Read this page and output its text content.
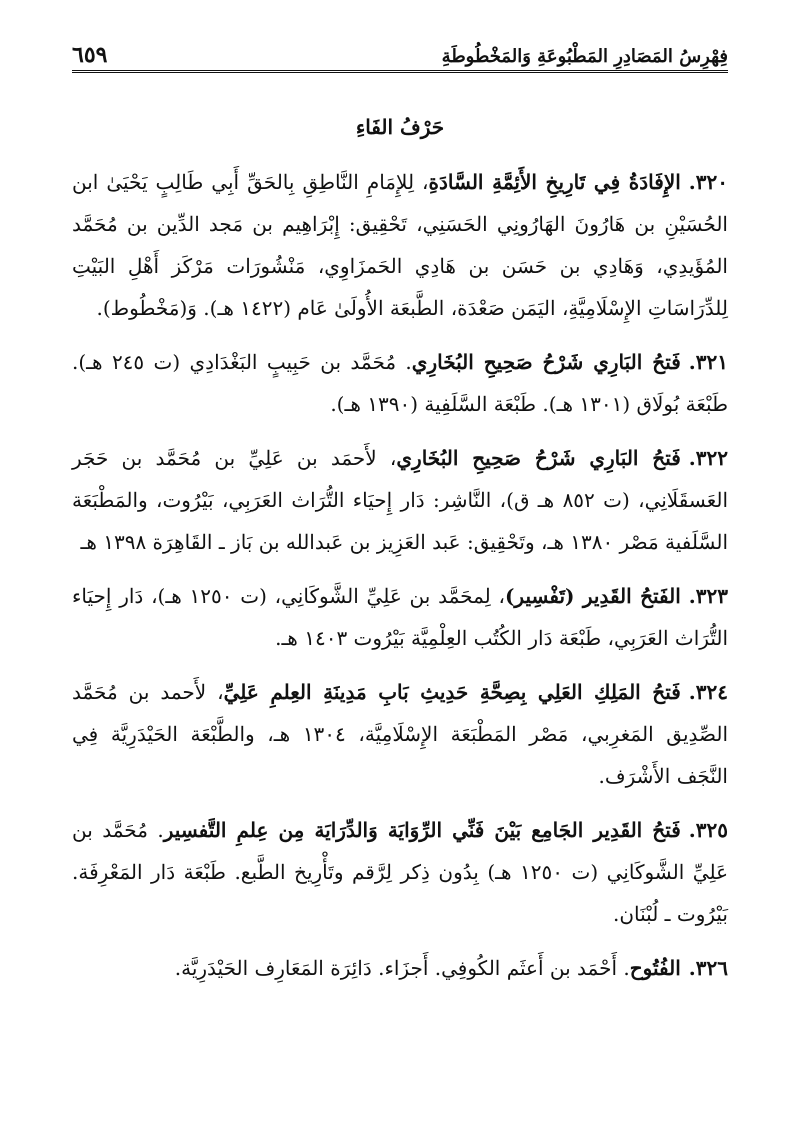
فِهْرِسُ المَصَادِرِ المَطْبُوعَةِ وَالمَخْطُوطَةِ
٦٥٩
حَرْفُ الفَاءِ

٣٢٠.الإِفَادَةُ فِي تَارِيخِ الأَئِمَّةِ السَّادَةِ، لِلإِمَامِ النَّاطِقِ بِالحَقِّ أَبِي طَالِبٍ يَحْيَىٰ ابن الحُسَيْنِ بن هَارُونَ الهَارُونِي الحَسَنِي، تَحْقِيق: إِبْرَاهِيم بن مَجد الدِّين بن مُحَمَّد المُؤَيدِي، وَهَادِي بن حَسَن بن هَادِي الحَمزَاوِي، مَنْشُورَات مَرْكَز أَهْلِ البَيْتِ لِلدِّرَاسَاتِ الإِسْلَامِيَّةِ، اليَمَن صَعْدَة، الطَّبعَة الأُولَىٰ عَام (١٤٢٢ هـ). وَ(مَخْطُوط).

٣٢١.فَتحُ البَارِي شَرْحُ صَحِيحِ البُخَارِي. مُحَمَّد بن حَبِيبٍ البَغْدَادِي (ت ٢٤٥ هـ). طَبْعَة بُولَاق (١٣٠١ هـ). طَبْعَة السَّلَفِية (١٣٩٠ هـ).

٣٢٢.فَتحُ البَارِي شَرْحُ صَحِيحِ البُخَارِي، لأَحمَد بن عَلِيِّ بن مُحَمَّد بن حَجَر العَسقَلَانِي، (ت ٨٥٢ هـ ق)، النَّاشِر: دَار إِحيَاء التُّرَاث العَرَبِي، بَيْرُوت، والمَطْبَعَة السَّلَفية مَصْر ١٣٨٠ هـ، وتَحْقِيق: عَبد العَزِيز بن عَبدالله بن بَاز ـ القَاهِرَة ١٣٩٨ هـ

٣٢٣.الفَتحُ القَدِير (تَفْسِير)، لِمحَمَّد بن عَلِيِّ الشَّوكَانِي، (ت ١٢٥٠ هـ)، دَار إِحيَاء التُّرَاث العَرَبِي، طَبْعَة دَار الكُتُب العِلْمِيَّة بَيْرُوت ١٤٠٣ هـ.

٣٢٤.فَتحُ المَلِكِ العَلِي بِصِحَّةِ حَدِيثِ بَابِ مَدِينَةِ العِلمِ عَلِيِّ، لأَحمد بن مُحَمَّد الصِّدِيق المَغرِبي، مَصْر المَطْبَعَة الإِسْلَامِيَّة، ١٣٠٤ هـ، والطَّبْعَة الحَيْدَرِيَّة فِي النَّجَف الأَشْرَف.

٣٢٥.فَتحُ القَدِير الجَامِع بَيْنَ فَنِّي الرِّوَايَة وَالدِّرَايَة مِن عِلمِ التَّفسِير. مُحَمَّد بن عَلِيِّ الشَّوكَانِي (ت ١٢٥٠ هـ) بِدُون ذِكر لِرَّقم وتَأْرِيخ الطَّبع. طَبْعَة دَار المَعْرِفَة. بَيْرُوت ـ لُبْنَان.

٣٢٦.الفُتُوح. أَحْمَد بن أَعثَم الكُوفِي. أَجزَاء. دَائِرَة المَعَارِف الحَيْدَرِيَّة.
